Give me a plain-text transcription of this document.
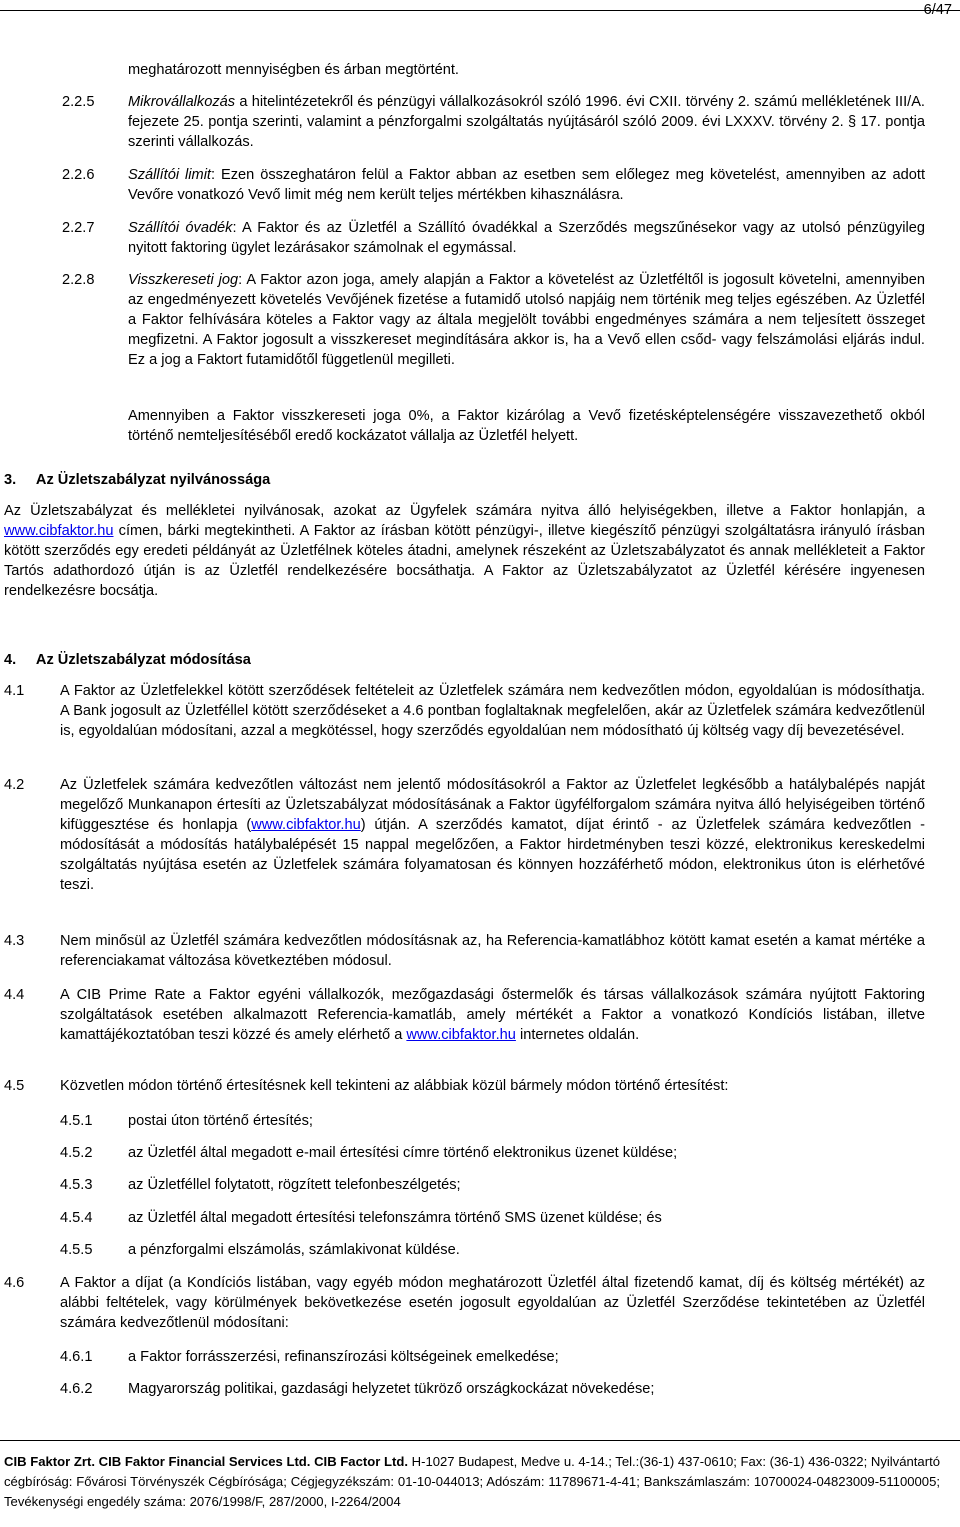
6/47
meghatározott mennyiségben és árban megtörtént.
2.2.5 Mikrovállalkozás a hitelintézetekről és pénzügyi vállalkozásokról szóló 1996. évi CXII. törvény 2. számú mellékletének III/A. fejezete 25. pontja szerinti, valamint a pénzforgalmi szolgáltatás nyújtásáról szóló 2009. évi LXXXV. törvény 2. § 17. pontja szerinti vállalkozás.
2.2.6 Szállítói limit: Ezen összeghatáron felül a Faktor abban az esetben sem előlegez meg követelést, amennyiben az adott Vevőre vonatkozó Vevő limit még nem került teljes mértékben kihasználásra.
2.2.7 Szállítói óvadék: A Faktor és az Üzletfél a Szállító óvadékkal a Szerződés megszűnésekor vagy az utolsó pénzügyileg nyitott faktoring ügylet lezárásakor számolnak el egymással.
2.2.8 Visszkereseti jog: A Faktor azon joga, amely alapján a Faktor a követelést az Üzletféltől is jogosult követelni, amennyiben az engedményezett követelés Vevőjének fizetése a futamidő utolsó napjáig nem történik meg teljes egészében. Az Üzletfél a Faktor felhívására köteles a Faktor vagy az általa megjelölt további engedményes számára a nem teljesített összeget megfizetni. A Faktor jogosult a visszkereset megindítására akkor is, ha a Vevő ellen csőd- vagy felszámolási eljárás indul. Ez a jog a Faktort futamidőtől függetlenül megilleti.
Amennyiben a Faktor visszkereseti joga 0%, a Faktor kizárólag a Vevő fizetésképtelenségére visszavezethető okból történő nemteljesítéséből eredő kockázatot vállalja az Üzletfél helyett.
3.     Az Üzletszabályzat nyilvánossága
Az Üzletszabályzat és mellékletei nyilvánosak, azokat az Ügyfelek számára nyitva álló helyiségekben, illetve a Faktor honlapján, a www.cibfaktor.hu címen, bárki megtekintheti. A Faktor az írásban kötött pénzügyi-, illetve kiegészítő pénzügyi szolgáltatásra irányuló írásban kötött szerződés egy eredeti példányát az Üzletfélnek köteles átadni, amelynek részeként az Üzletszabályzatot és annak mellékleteit a Faktor Tartós adathordozó útján is az Üzletfél rendelkezésére bocsáthatja. A Faktor az Üzletszabályzatot az Üzletfél kérésére ingyenesen rendelkezésre bocsátja.
4.     Az Üzletszabályzat módosítása
4.1 A Faktor az Üzletfelekkel kötött szerződések feltételeit az Üzletfelek számára nem kedvezőtlen módon, egyoldalúan is módosíthatja. A Bank jogosult az Üzletféllel kötött szerződéseket a 4.6 pontban foglaltaknak megfelelően, akár az Üzletfelek számára kedvezőtlenül is, egyoldalúan módosítani, azzal a megkötéssel, hogy szerződés egyoldalúan nem módosítható új költség vagy díj bevezetésével.
4.2 Az Üzletfelek számára kedvezőtlen változást nem jelentő módosításokról a Faktor az Üzletfelet legkésőbb a hatálybalépés napját megelőző Munkanapon értesíti az Üzletszabályzat módosításának a Faktor ügyfélforgalom számára nyitva álló helyiségeiben történő kifüggesztése és honlapja (www.cibfaktor.hu) útján. A szerződés kamatot, díjat érintő - az Üzletfelek számára kedvezőtlen - módosítását a módosítás hatálybalépését 15 nappal megelőzően, a Faktor hirdetményben teszi közzé, elektronikus kereskedelmi szolgáltatás nyújtása esetén az Üzletfelek számára folyamatosan és könnyen hozzáférhető módon, elektronikus úton is elérhetővé teszi.
4.3 Nem minősül az Üzletfél számára kedvezőtlen módosításnak az, ha Referencia-kamatlábhoz kötött kamat esetén a kamat mértéke a referenciakamat változása következtében módosul.
4.4 A CIB Prime Rate a Faktor egyéni vállalkozók, mezőgazdasági őstermelők és társas vállalkozások számára nyújtott Faktoring szolgáltatások esetében alkalmazott Referencia-kamatláb, amely mértékét a Faktor a vonatkozó Kondíciós listában, illetve kamattájékoztatóban teszi közzé és amely elérhető a www.cibfaktor.hu internetes oldalán.
4.5 Közvetlen módon történő értesítésnek kell tekinteni az alábbiak közül bármely módon történő értesítést:
4.5.1 postai úton történő értesítés;
4.5.2 az Üzletfél által megadott e-mail értesítési címre történő elektronikus üzenet küldése;
4.5.3 az Üzletféllel folytatott, rögzített telefonbeszélgetés;
4.5.4 az Üzletfél által megadott értesítési telefonszámra történő SMS üzenet küldése; és
4.5.5 a pénzforgalmi elszámolás, számlakivonat küldése.
4.6 A Faktor a díjat (a Kondíciós listában, vagy egyéb módon meghatározott Üzletfél által fizetendő kamat, díj és költség mértékét) az alábbi feltételek, vagy körülmények bekövetkezése esetén jogosult egyoldalúan az Üzletfél Szerződése tekintetében az Üzletfél számára kedvezőtlenül módosítani:
4.6.1 a Faktor forrásszerzési, refinanszírozási költségeinek emelkedése;
4.6.2 Magyarország politikai, gazdasági helyzetet tükröző országkockázat növekedése;
CIB Faktor Zrt. CIB Faktor Financial Services Ltd. CIB Factor Ltd. H-1027 Budapest, Medve u. 4-14.; Tel.:(36-1) 437-0610; Fax: (36-1) 436-0322; Nyilvántartó cégbíróság: Fővárosi Törvényszék Cégbírósága; Cégjegyzékszám: 01-10-044013; Adószám: 11789671-4-41; Bankszámlaszám: 10700024-04823009-51100005; Tevékenységi engedély száma: 2076/1998/F, 287/2000, I-2264/2004
